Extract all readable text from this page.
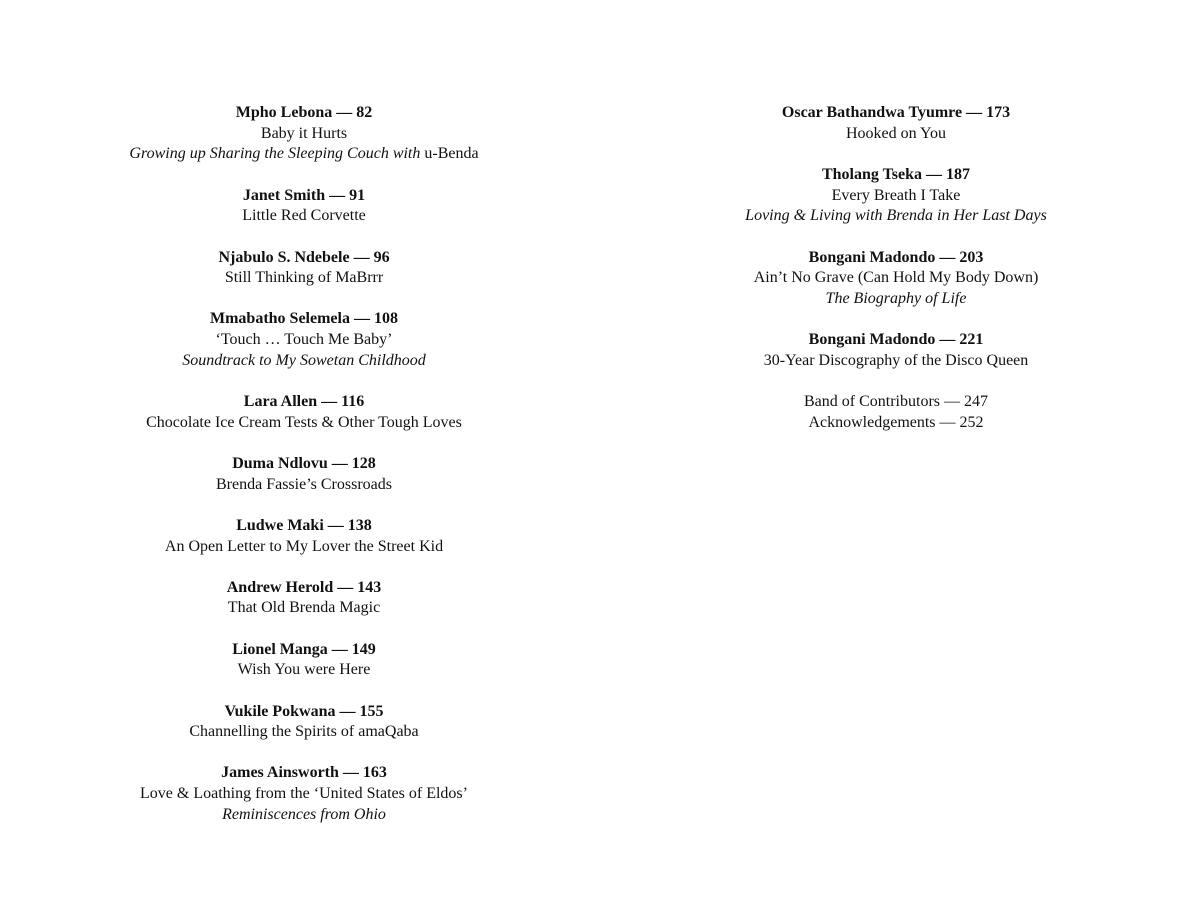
Mpho Lebona — 82
Baby it Hurts
Growing up Sharing the Sleeping Couch with u-Benda
Janet Smith — 91
Little Red Corvette
Njabulo S. Ndebele — 96
Still Thinking of MaBrrr
Mmabatho Selemela — 108
‘Touch … Touch Me Baby’
Soundtrack to My Sowetan Childhood
Lara Allen — 116
Chocolate Ice Cream Tests & Other Tough Loves
Duma Ndlovu — 128
Brenda Fassie’s Crossroads
Ludwe Maki — 138
An Open Letter to My Lover the Street Kid
Andrew Herold — 143
That Old Brenda Magic
Lionel Manga — 149
Wish You were Here
Vukile Pokwana — 155
Channelling the Spirits of amaQaba
James Ainsworth — 163
Love & Loathing from the ‘United States of Eldos’
Reminiscences from Ohio
Oscar Bathandwa Tyumre — 173
Hooked on You
Tholang Tseka — 187
Every Breath I Take
Loving & Living with Brenda in Her Last Days
Bongani Madondo — 203
Ain’t No Grave (Can Hold My Body Down)
The Biography of Life
Bongani Madondo — 221
30-Year Discography of the Disco Queen
Band of Contributors — 247
Acknowledgements — 252
